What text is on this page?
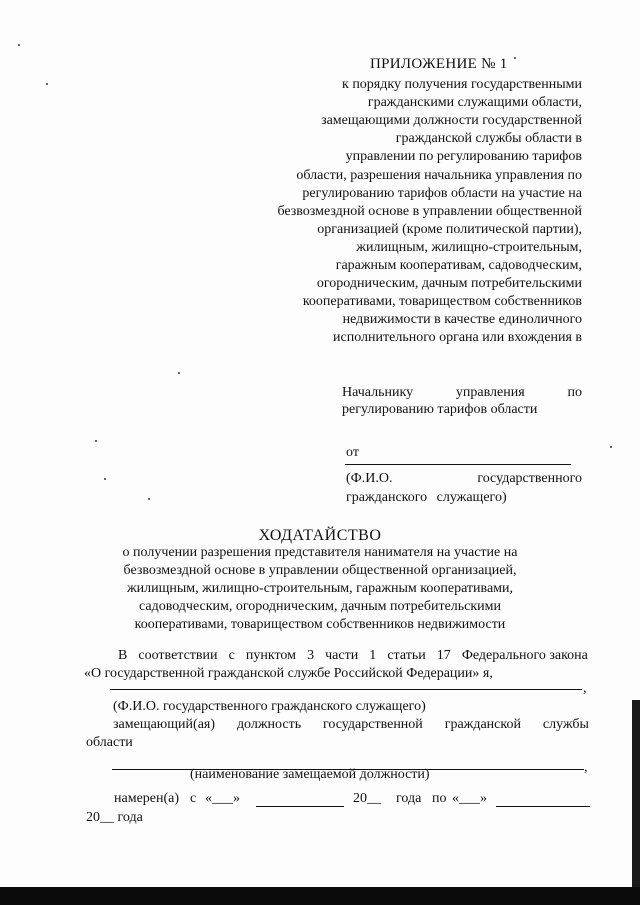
ПРИЛОЖЕНИЕ № 1
к порядку получения государственными
гражданскими служащими области,
замещающими должности государственной
гражданской службы области в
управлении по регулированию тарифов
области, разрешения начальника управления по
регулированию тарифов области на участие на
безвозмездной основе в управлении общественной
организацией (кроме политической партии),
жилищным, жилищно-строительным,
гаражным кооперативам, садоводческим,
огородническим, дачным потребительскими
кооперативами, товариществом собственников
недвижимости в качестве единоличного
исполнительного органа или вхождения в
Начальнику	управления	по
регулированию тарифов области
от
(Ф.И.О.	государственного
гражданского служащего)
ХОДАТАЙСТВО
о получении разрешения представителя нанимателя на участие на
безвозмездной основе в управлении общественной организацией,
жилищным, жилищно-строительным, гаражным кооперативами,
садоводческим, огородническим, дачным потребительскими
кооперативами, товариществом собственников недвижимости
В соответствии с пунктом 3 части 1 статьи 17 Федерального закона
«О государственной гражданской службе Российской Федерации» я,
,
(Ф.И.О. государственного гражданского служащего)
замещающий(ая) должность государственной гражданской службы
области
,
(наименование замещаемой должности)
намерен(а) с «___»	20__ года по «___»
20__ года
